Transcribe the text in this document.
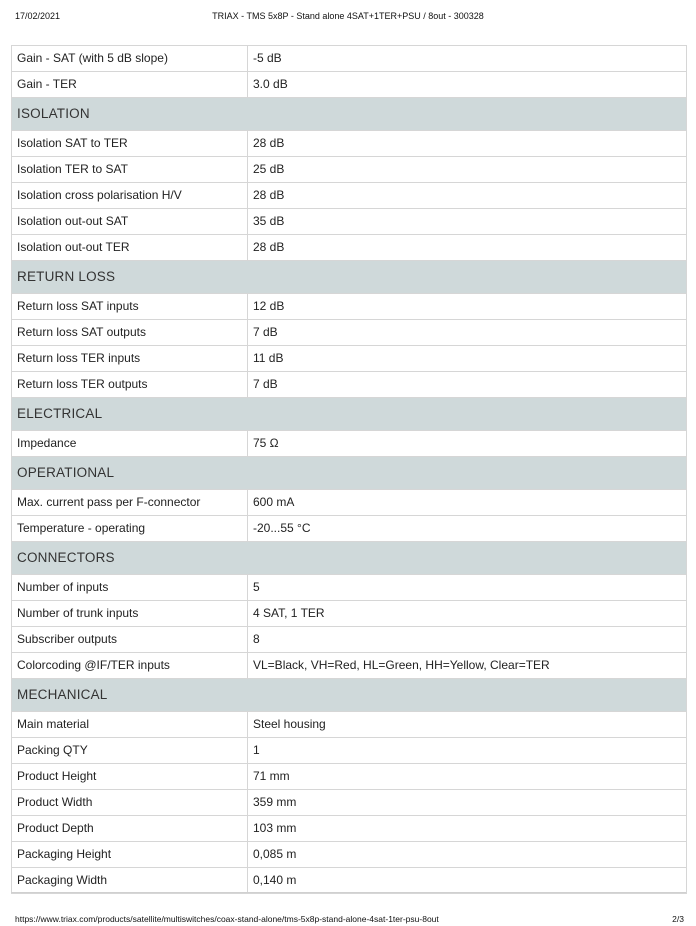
17/02/2021	TRIAX - TMS 5x8P - Stand alone 4SAT+1TER+PSU / 8out - 300328
Gain - SAT (with 5 dB slope)	-5 dB
Gain - TER	3.0 dB
ISOLATION	
Isolation SAT to TER	28 dB
Isolation TER to SAT	25 dB
Isolation cross polarisation H/V	28 dB
Isolation out-out SAT	35 dB
Isolation out-out TER	28 dB
RETURN LOSS	
Return loss SAT inputs	12 dB
Return loss SAT outputs	7 dB
Return loss TER inputs	11 dB
Return loss TER outputs	7 dB
ELECTRICAL	
Impedance	75 Ω
OPERATIONAL	
Max. current pass per F-connector	600 mA
Temperature - operating	-20...55 °C
CONNECTORS	
Number of inputs	5
Number of trunk inputs	4 SAT, 1 TER
Subscriber outputs	8
Colorcoding @IF/TER inputs	VL=Black, VH=Red, HL=Green, HH=Yellow, Clear=TER
MECHANICAL	
Main material	Steel housing
Packing QTY	1
Product Height	71 mm
Product Width	359 mm
Product Depth	103 mm
Packaging Height	0,085 m
Packaging Width	0,140 m
https://www.triax.com/products/satellite/multiswitches/coax-stand-alone/tms-5x8p-stand-alone-4sat-1ter-psu-8out	2/3
